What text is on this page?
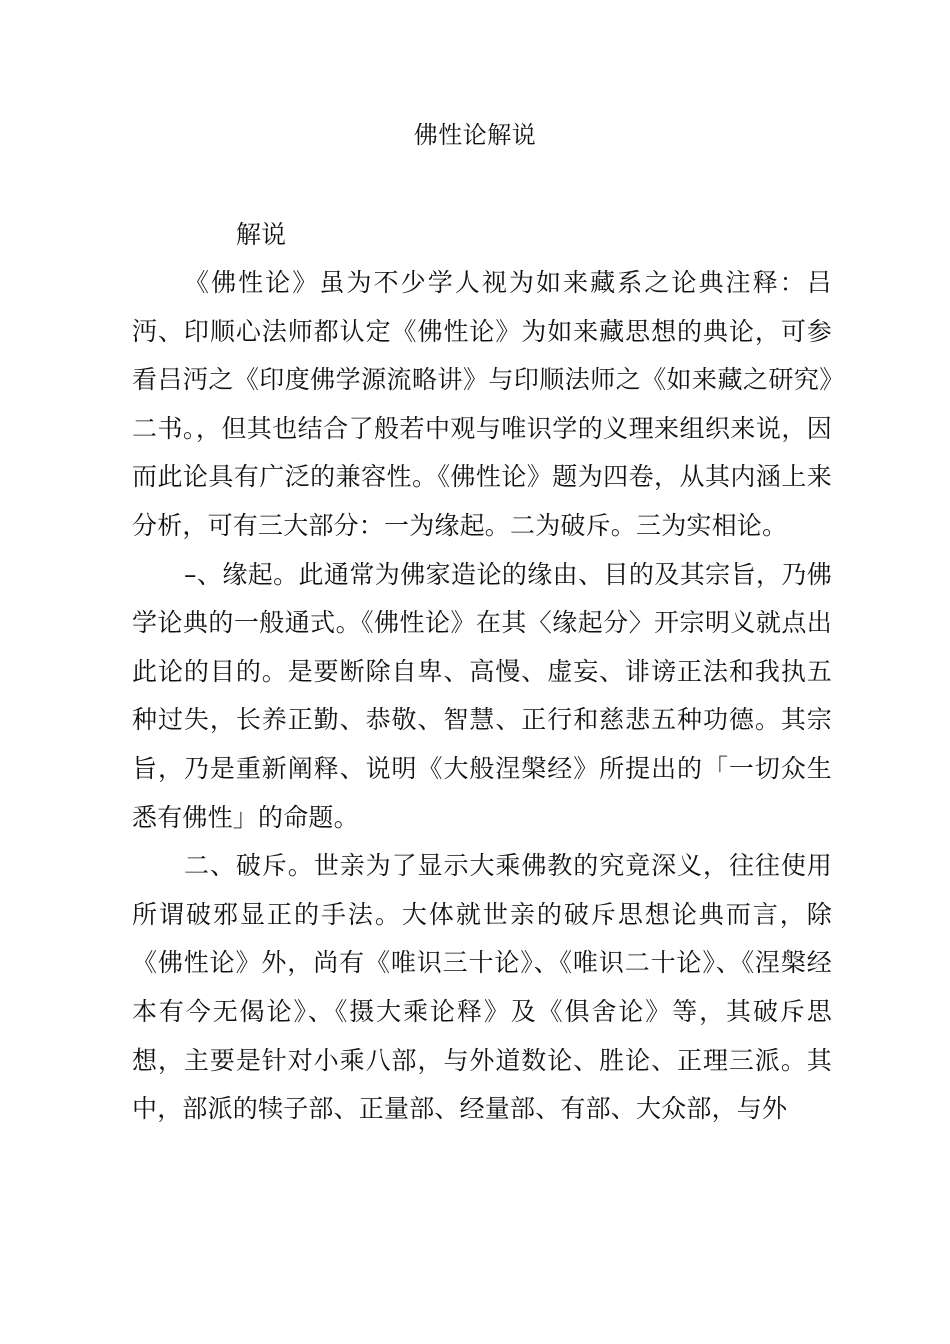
佛性论解说
解说

《佛性论》虽为不少学人视为如来藏系之论典注释：吕沔、印顺心法师都认定《佛性论》为如来藏思想的典论，可参看吕沔之《印度佛学源流略讲》与印顺法师之《如来藏之研究》二书。，但其也结合了般若中观与唯识学的义理来组织来说，因而此论具有广泛的兼容性。《佛性论》题为四卷，从其内涵上来分析，可有三大部分：一为缘起。二为破斥。三为实相论。

–、缘起。此通常为佛家造论的缘由、目的及其宗旨，乃佛学论典的一般通式。《佛性论》在其〈缘起分〉开宗明义就点出此论的目的。是要断除自卑、高慢、虚妄、诽谤正法和我执五种过失，长养正勤、恭敬、智慧、正行和慈悲五种功德。其宗旨，乃是重新阐释、说明《大般涅槃经》所提出的「一切众生悉有佛性」的命题。

二、破斥。世亲为了显示大乘佛教的究竟深义，往往使用所谓破邪显正的手法。大体就世亲的破斥思想论典而言，除《佛性论》外，尚有《唯识三十论》、《唯识二十论》、《涅槃经本有今无偈论》、《摄大乘论释》及《俱舍论》等，其破斥思想，主要是针对小乘八部，与外道数论、胜论、正理三派。其中，部派的犊子部、正量部、经量部、有部、大众部，与外
